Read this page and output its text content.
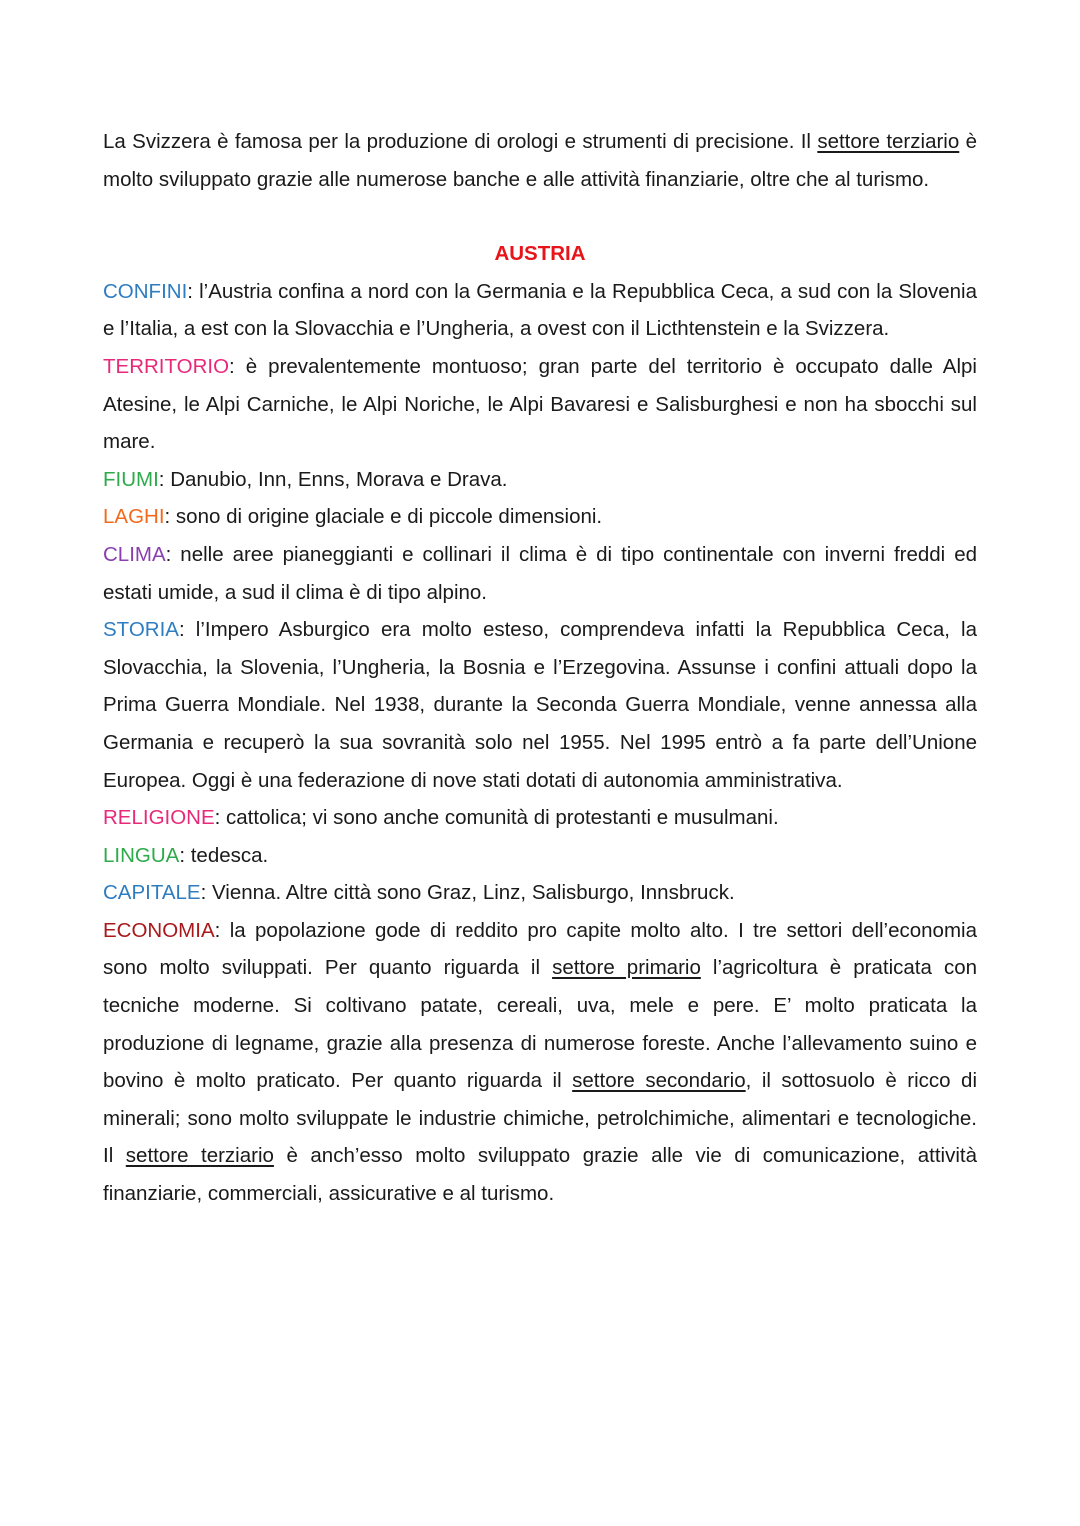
La Svizzera è famosa per la produzione di orologi e strumenti di precisione. Il settore terziario è molto sviluppato grazie alle numerose banche e alle attività finanziarie, oltre che al turismo.

AUSTRIA

CONFINI: l’Austria confina a nord con la Germania e la Repubblica Ceca, a sud con la Slovenia e l’Italia, a est con la Slovacchia e l’Ungheria, a ovest con il Licthtenstein e la Svizzera.

TERRITORIO: è prevalentemente montuoso; gran parte del territorio è occupato dalle Alpi Atesine, le Alpi Carniche, le Alpi Noriche, le Alpi Bavaresi e Salisburghesi e non ha sbocchi sul mare.

FIUMI: Danubio, Inn, Enns, Morava e Drava.

LAGHI: sono di origine glaciale e di piccole dimensioni.

CLIMA: nelle aree pianeggianti e collinari il clima è di tipo continentale con inverni freddi ed estati umide, a sud il clima è di tipo alpino.

STORIA: l’Impero Asburgico era molto esteso, comprendeva infatti la Repubblica Ceca, la Slovacchia, la Slovenia, l’Ungheria, la Bosnia e l’Erzegovina. Assunse i confini attuali dopo la Prima Guerra Mondiale. Nel 1938, durante la Seconda Guerra Mondiale, venne annessa alla Germania e recuperò la sua sovranità solo nel 1955. Nel 1995 entrò a fa parte dell’Unione Europea. Oggi è una federazione di nove stati dotati di autonomia amministrativa.

RELIGIONE: cattolica; vi sono anche comunità di protestanti e musulmani.

LINGUA: tedesca.

CAPITALE: Vienna. Altre città sono Graz, Linz, Salisburgo, Innsbruck.

ECONOMIA: la popolazione gode di reddito pro capite molto alto. I tre settori dell’economia sono molto sviluppati. Per quanto riguarda il settore primario l’agricoltura è praticata con tecniche moderne. Si coltivano patate, cereali, uva, mele e pere. E’ molto praticata la produzione di legname, grazie alla presenza di numerose foreste. Anche l’allevamento suino e bovino è molto praticato. Per quanto riguarda il settore secondario, il sottosuolo è ricco di minerali; sono molto sviluppate le industrie chimiche, petrolchimiche, alimentari e tecnologiche. Il settore terziario è anch’esso molto sviluppato grazie alle vie di comunicazione, attività finanziarie, commerciali, assicurative e al turismo.
